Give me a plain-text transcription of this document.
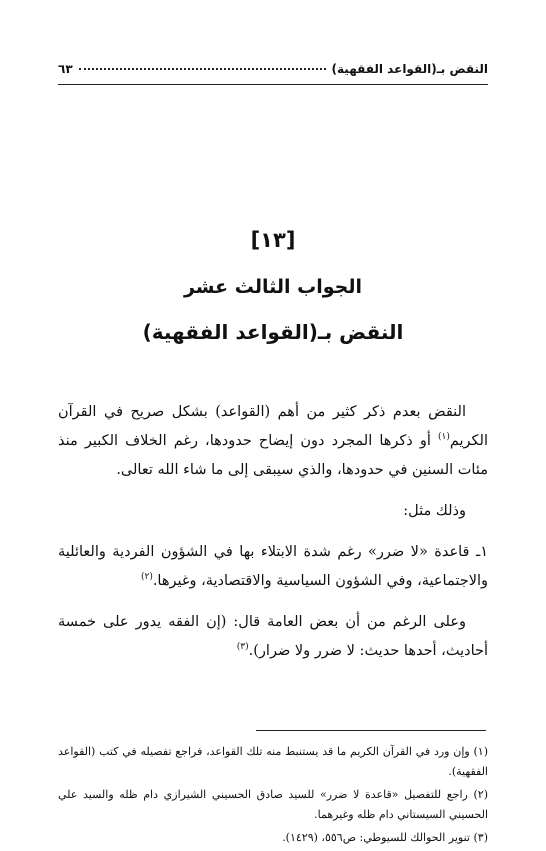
النقض بـ(القواعد الفقهية)
٦٣
[١٣]
الجواب الثالث عشر
النقض بـ(القواعد الفقهية)

النقض بعدم ذكر كثير من أهم (القواعد) بشكل صريح في القرآن الكريم$^{(١)}$ أو ذكرها المجرد دون إيضاح حدودها، رغم الخلاف الكبير منذ مئات السنين في حدودها، والذي سيبقى إلى ما شاء الله تعالى.

وذلك مثل:

١ـ قاعدة «لا ضرر» رغم شدة الابتلاء بها في الشؤون الفردية والعائلية والاجتماعية، وفي الشؤون السياسية والاقتصادية، وغيرها.$^{(٢)}$

وعلى الرغم من أن بعض العامة قال: (إن الفقه يدور على خمسة أحاديث، أحدها حديث: لا ضرر ولا ضرار).$^{(٣)}$

(١) وإن ورد في القرآن الكريم ما قد يستنبط منه تلك القواعد، فراجع تفصيله في كتب (القواعد الفقهية).

(٢) راجع للتفصيل «قاعدة لا ضرر» للسيد صادق الحسيني الشيرازي دام ظله والسيد علي الحسيني السيستاني دام ظله وغيرهما.

(٣) تنوير الحوالك للسيوطي: ص٥٥٦، (١٤٢٩).
